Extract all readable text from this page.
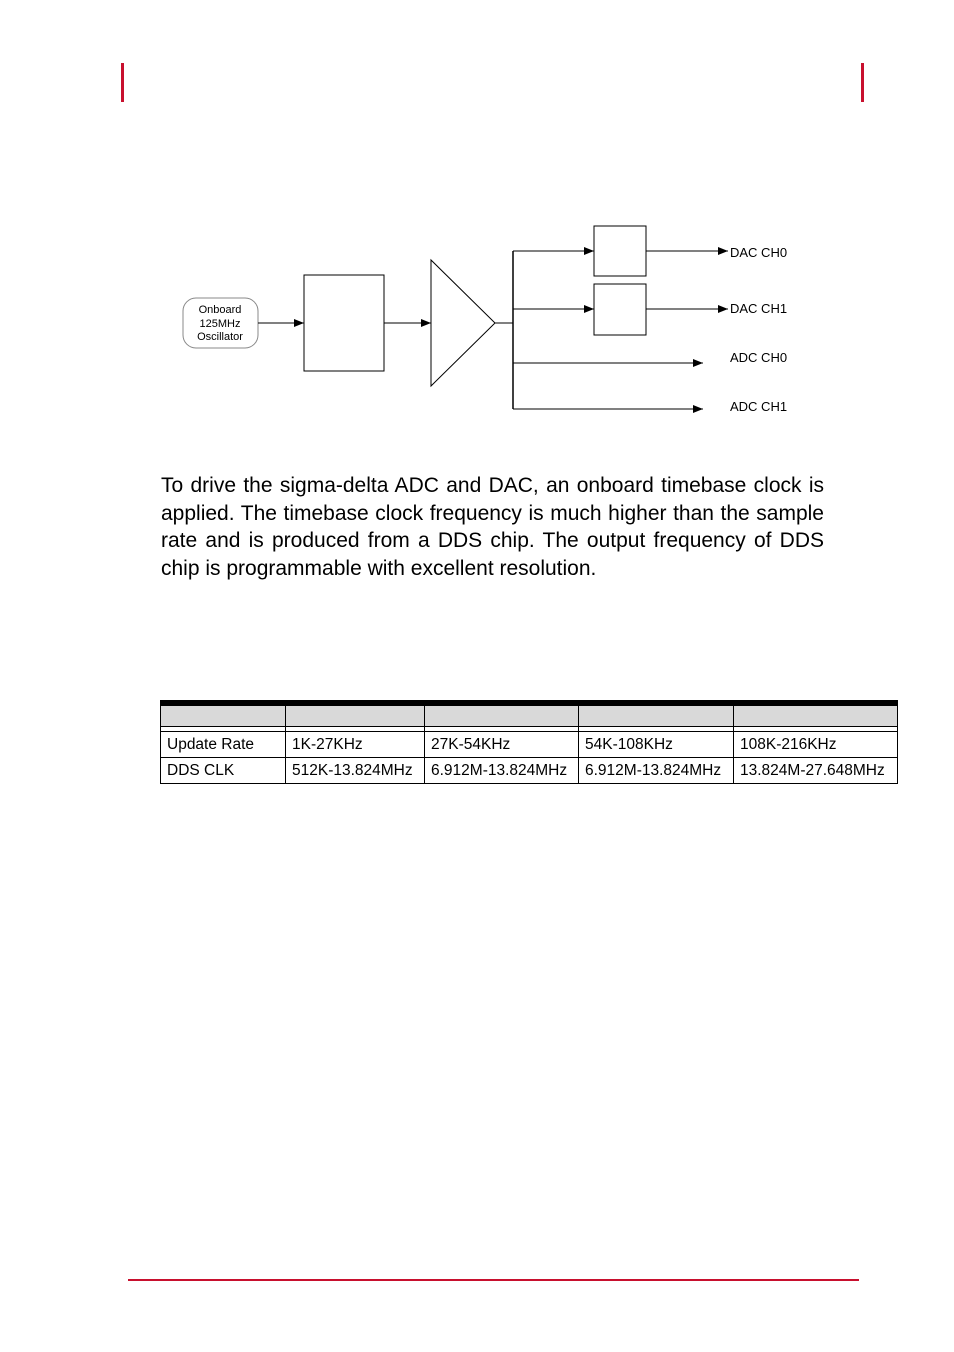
Onboard
125MHz
Oscillator
DAC CH0
DAC CH1
ADC CH0
ADC CH1

To drive the sigma-delta ADC and DAC, an onboard timebase clock is applied. The timebase clock frequency is much higher than the sample rate and is produced from a DDS chip. The output frequency of DDS chip is programmable with excellent resolution.

Update Rate	1K-27KHz	27K-54KHz	54K-108KHz	108K-216KHz
DDS CLK	512K-13.824MHz	6.912M-13.824MHz	6.912M-13.824MHz	13.824M-27.648MHz
